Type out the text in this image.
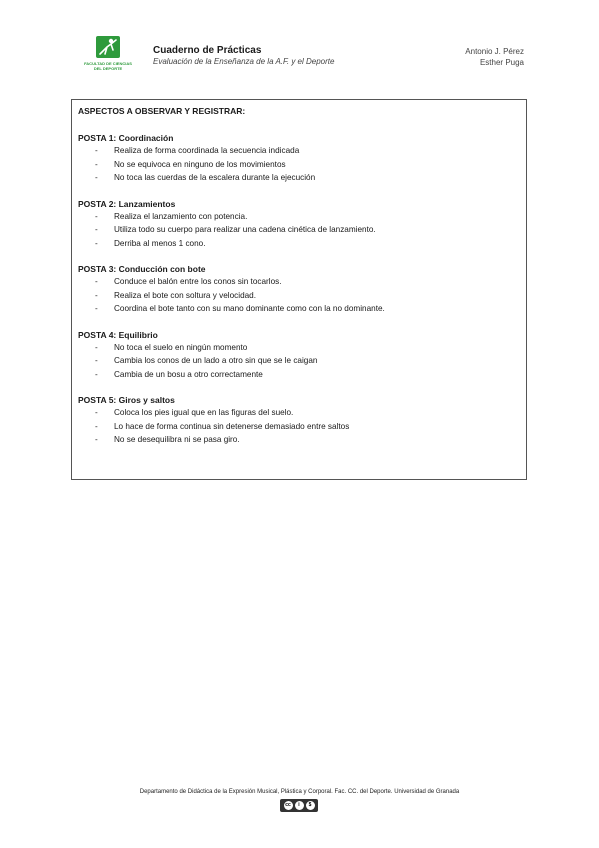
FACULTAD DE CIENCIAS DEL DEPORTE
Cuaderno de Prácticas
Evaluación de la Enseñanza de la A.F. y el Deporte
Antonio J. Pérez
Esther Puga
ASPECTOS A OBSERVAR Y REGISTRAR:
POSTA 1: Coordinación
- Realiza de forma coordinada la secuencia indicada
- No se equivoca en ninguno de los movimientos
- No toca las cuerdas de la escalera durante la ejecución
POSTA 2: Lanzamientos
- Realiza el lanzamiento con potencia.
- Utiliza todo su cuerpo para realizar una cadena cinética de lanzamiento.
- Derriba al menos 1 cono.
POSTA 3: Conducción con bote
- Conduce el balón entre los conos sin tocarlos.
- Realiza el bote con soltura y velocidad.
- Coordina el bote tanto con su mano dominante como con la no dominante.
POSTA 4: Equilibrio
- No toca el suelo en ningún momento
- Cambia los conos de un lado a otro sin que se le caigan
- Cambia de un bosu a otro correctamente
POSTA 5: Giros y saltos
- Coloca los pies igual que en las figuras del suelo.
- Lo hace de forma continua sin detenerse demasiado entre saltos
- No se desequilibra ni se pasa giro.
Departamento de Didáctica de la Expresión Musical, Plástica y Corporal. Fac. CC. del Deporte. Universidad de Granada
cc	i	$
